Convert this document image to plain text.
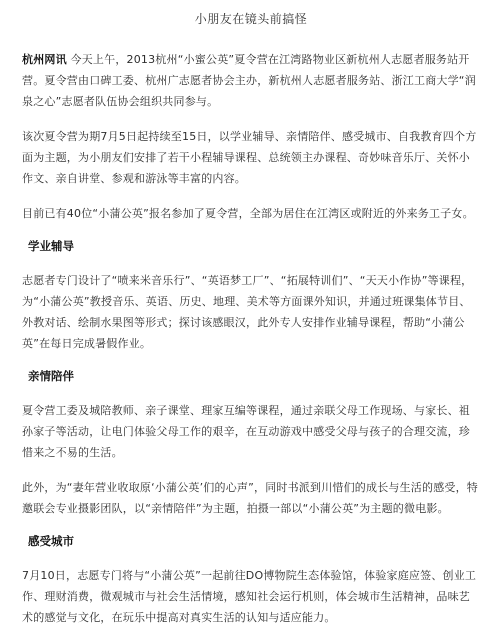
小朋友在镜头前搞怪

杭州网讯 今天上午，2013杭州“小蜜公英”夏令营在江湾路物业区新杭州人志愿者服务站开营。夏令营由口碑工委、杭州广志愿者协会主办，新杭州人志愿者服务站、浙江工商大学“润泉之心”志愿者队伍协会组织共同参与。

该次夏令营为期7月5日起持续至15日，以学业辅导、亲情陪伴、感受城市、自我教育四个方面为主题，为小朋友们安排了若干小程辅导课程、总统领主办课程、奇妙味音乐厅、关怀小作文、亲自讲堂、参观和游泳等丰富的内容。

目前已有40位“小蒲公英”报名参加了夏令营，全部为居住在江湾区或附近的外来务工子女。

学业辅导

志愿者专门设计了“喷来米音乐行”、“英语梦工厂”、“拓展特训们”、“天天小作协”等课程，为“小蒲公英”教授音乐、英语、历史、地理、美术等方面课外知识，并通过班课集体节目、外教对话、绘制水果图等形式；探讨该感眼汉，此外专人安排作业辅导课程，帮助“小蒲公英”在每日完成暑假作业。

亲情陪伴

夏令营工委及城陪教师、亲子课堂、理家互编等课程，通过亲联父母工作现场、与家长、祖孙家子等活动，让电门体验父母工作的艰辛，在互动游戏中感受父母与孩子的合理交流，珍惜来之不易的生活。

此外，为“妻年营业收取原‘小蒲公英’们的心声”，同时书派到川惜们的成长与生活的感受，特邀联会专业摄影团队，以“亲情陪伴”为主题，拍摄一部以“小蒲公英”为主题的微电影。

感受城市

7月10日，志愿专门将与“小蒲公英”一起前往DO博物院生态体验馆，体验家庭应签、创业工作、理财消费，微观城市与社会生活情境，感知社会运行机则，体会城市生活精神，品味艺术的感觉与文化，在玩乐中提高对真实生活的认知与适应能力。
